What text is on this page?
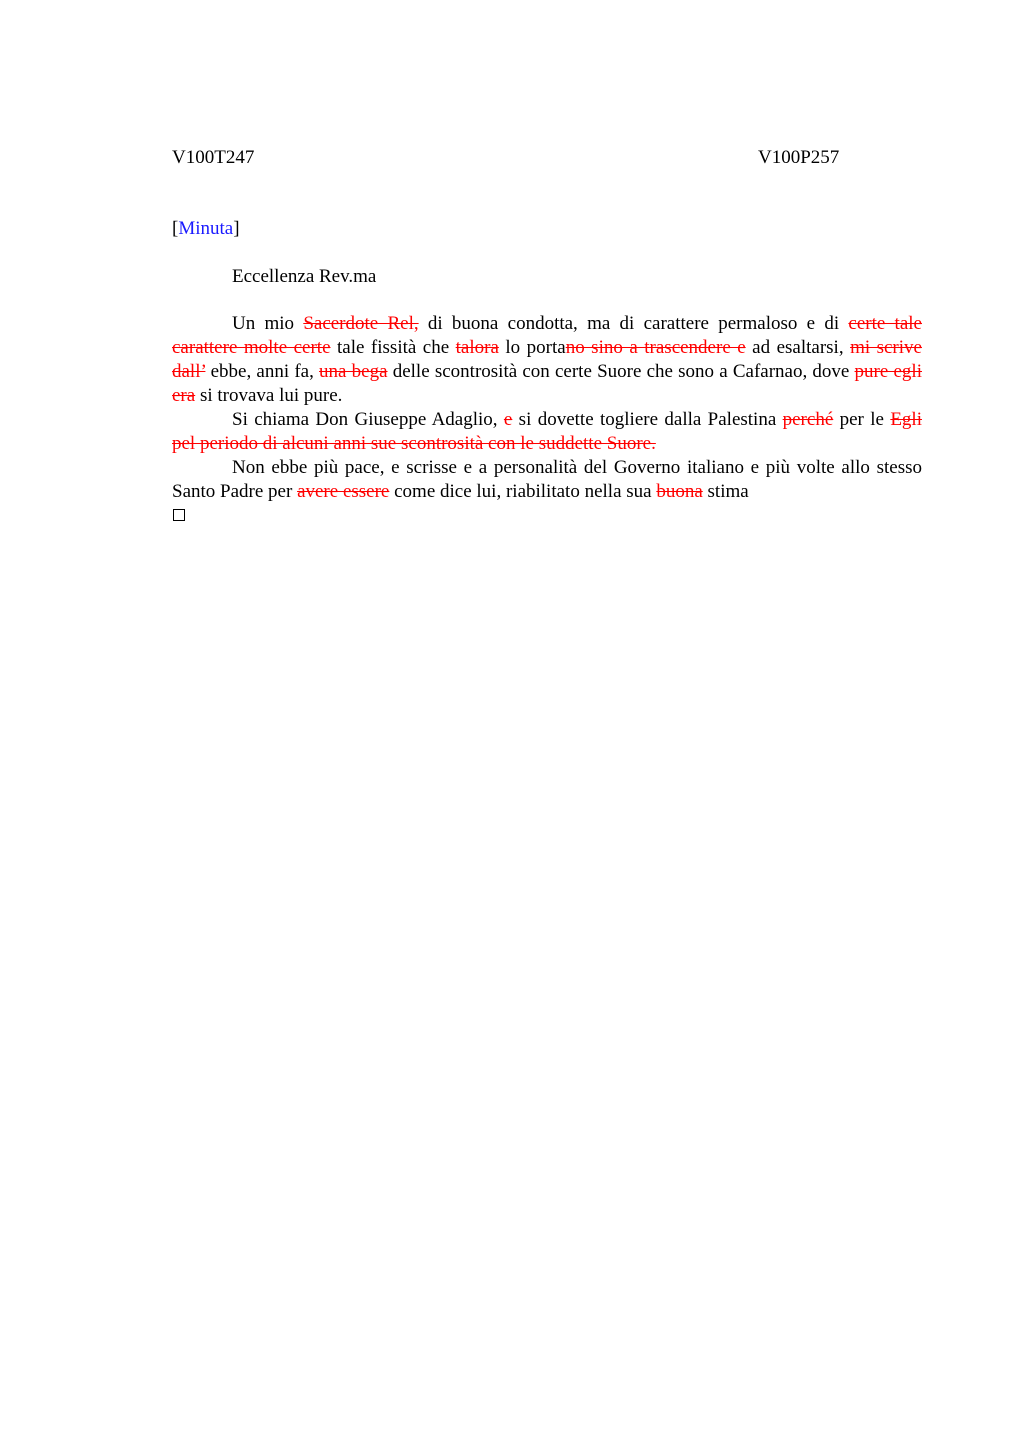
V100T247	V100P257
[Minuta]
Eccellenza Rev.ma

Un mio Sacerdote Rel, di buona condotta, ma di carattere permaloso e di certe tale carattere molte certe tale fissità che talora lo portano sino a trascendere e ad esaltarsi, mi scrive dall’ ebbe, anni fa, una bega delle scontrosità con certe Suore che sono a Cafarnao, dove pure egli era si trovava lui pure.

Si chiama Don Giuseppe Adaglio, e si dovette togliere dalla Palestina perché per le Egli pel periodo di alcuni anni sue scontrosità con le suddette Suore.

Non ebbe più pace, e scrisse e a personalità del Governo italiano e più volte allo stesso Santo Padre per avere essere come dice lui, riabilitato nella sua buona stima
